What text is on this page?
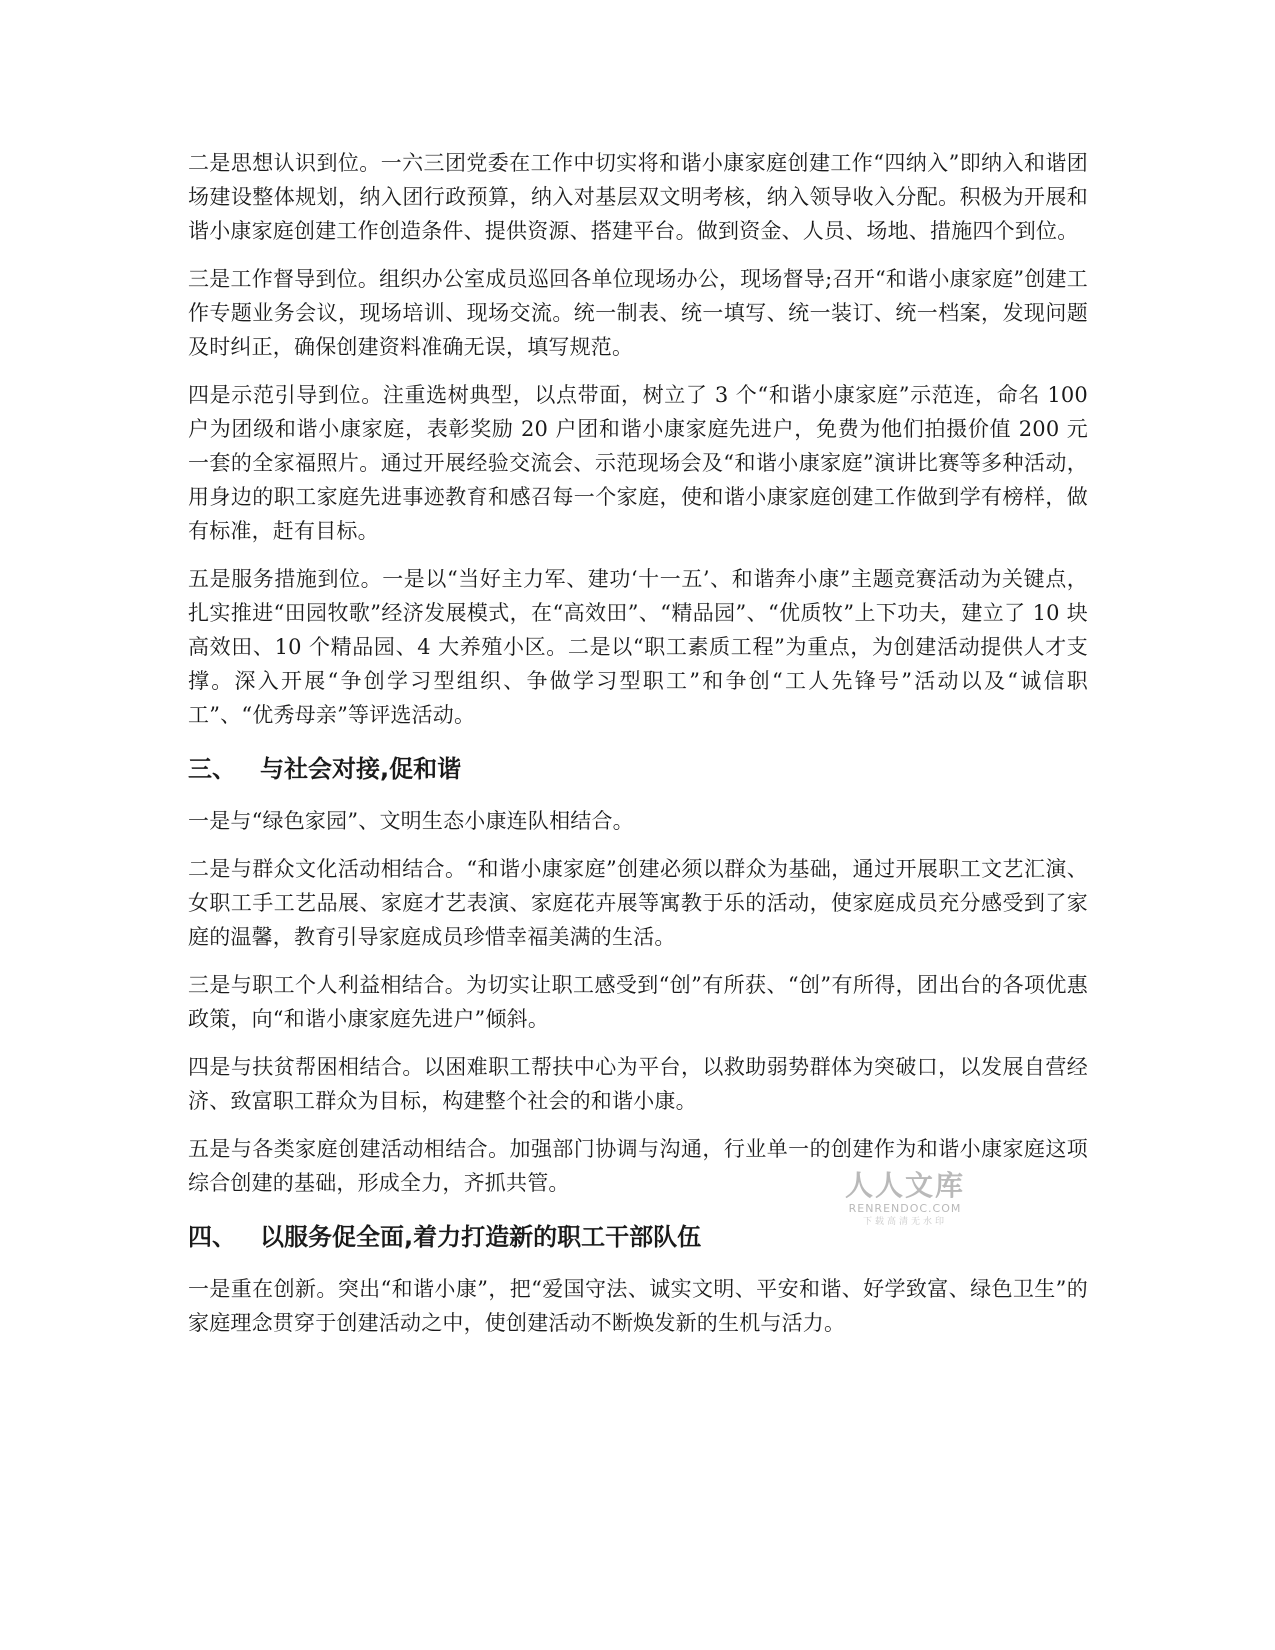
二是思想认识到位。一六三团党委在工作中切实将和谐小康家庭创建工作“四纳入”即纳入和谐团场建设整体规划，纳入团行政预算，纳入对基层双文明考核，纳入领导收入分配。积极为开展和谐小康家庭创建工作创造条件、提供资源、搭建平台。做到资金、人员、场地、措施四个到位。

三是工作督导到位。组织办公室成员巡回各单位现场办公，现场督导;召开“和谐小康家庭”创建工作专题业务会议，现场培训、现场交流。统一制表、统一填写、统一装订、统一档案，发现问题及时纠正，确保创建资料准确无误，填写规范。

四是示范引导到位。注重选树典型，以点带面，树立了 3 个“和谐小康家庭”示范连，命名 100 户为团级和谐小康家庭，表彰奖励 20 户团和谐小康家庭先进户，免费为他们拍摄价值 200 元一套的全家福照片。通过开展经验交流会、示范现场会及“和谐小康家庭”演讲比赛等多种活动，用身边的职工家庭先进事迹教育和感召每一个家庭，使和谐小康家庭创建工作做到学有榜样，做有标准，赶有目标。

五是服务措施到位。一是以“当好主力军、建功‘十一五’、和谐奔小康”主题竞赛活动为关键点，扎实推进“田园牧歌”经济发展模式，在“高效田”、“精品园”、“优质牧”上下功夫，建立了 10 块高效田、10 个精品园、4 大养殖小区。二是以“职工素质工程”为重点，为创建活动提供人才支撑。深入开展“争创学习型组织、争做学习型职工”和争创“工人先锋号”活动以及“诚信职工”、“优秀母亲”等评选活动。

三、	与社会对接,促和谐

一是与“绿色家园”、文明生态小康连队相结合。

二是与群众文化活动相结合。“和谐小康家庭”创建必须以群众为基础，通过开展职工文艺汇演、女职工手工艺品展、家庭才艺表演、家庭花卉展等寓教于乐的活动，使家庭成员充分感受到了家庭的温馨，教育引导家庭成员珍惜幸福美满的生活。

三是与职工个人利益相结合。为切实让职工感受到“创”有所获、“创”有所得，团出台的各项优惠政策，向“和谐小康家庭先进户”倾斜。

四是与扶贫帮困相结合。以困难职工帮扶中心为平台，以救助弱势群体为突破口，以发展自营经济、致富职工群众为目标，构建整个社会的和谐小康。

五是与各类家庭创建活动相结合。加强部门协调与沟通，行业单一的创建作为和谐小康家庭这项综合创建的基础，形成全力，齐抓共管。

四、	以服务促全面,着力打造新的职工干部队伍

一是重在创新。突出“和谐小康”，把“爱国守法、诚实文明、平安和谐、好学致富、绿色卫生”的家庭理念贯穿于创建活动之中，使创建活动不断焕发新的生机与活力。

人人文库
RENRENDOC.COM
下载高清无水印
